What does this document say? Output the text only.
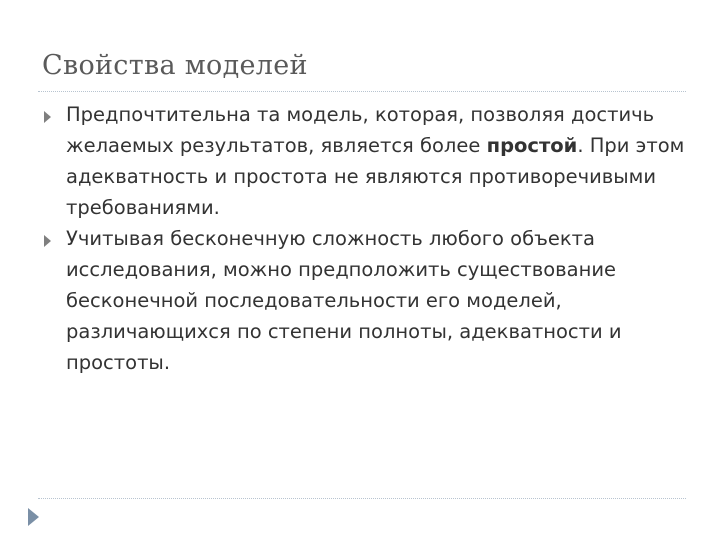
Свойства моделей
Предпочтительна та модель, которая, позволяя достичь желаемых результатов, является более простой. При этом адекватность и простота не являются противоречивыми требованиями.
Учитывая бесконечную сложность любого объекта исследования, можно предположить существование бесконечной последовательности его моделей, различающихся по степени полноты, адекватности и простоты.
